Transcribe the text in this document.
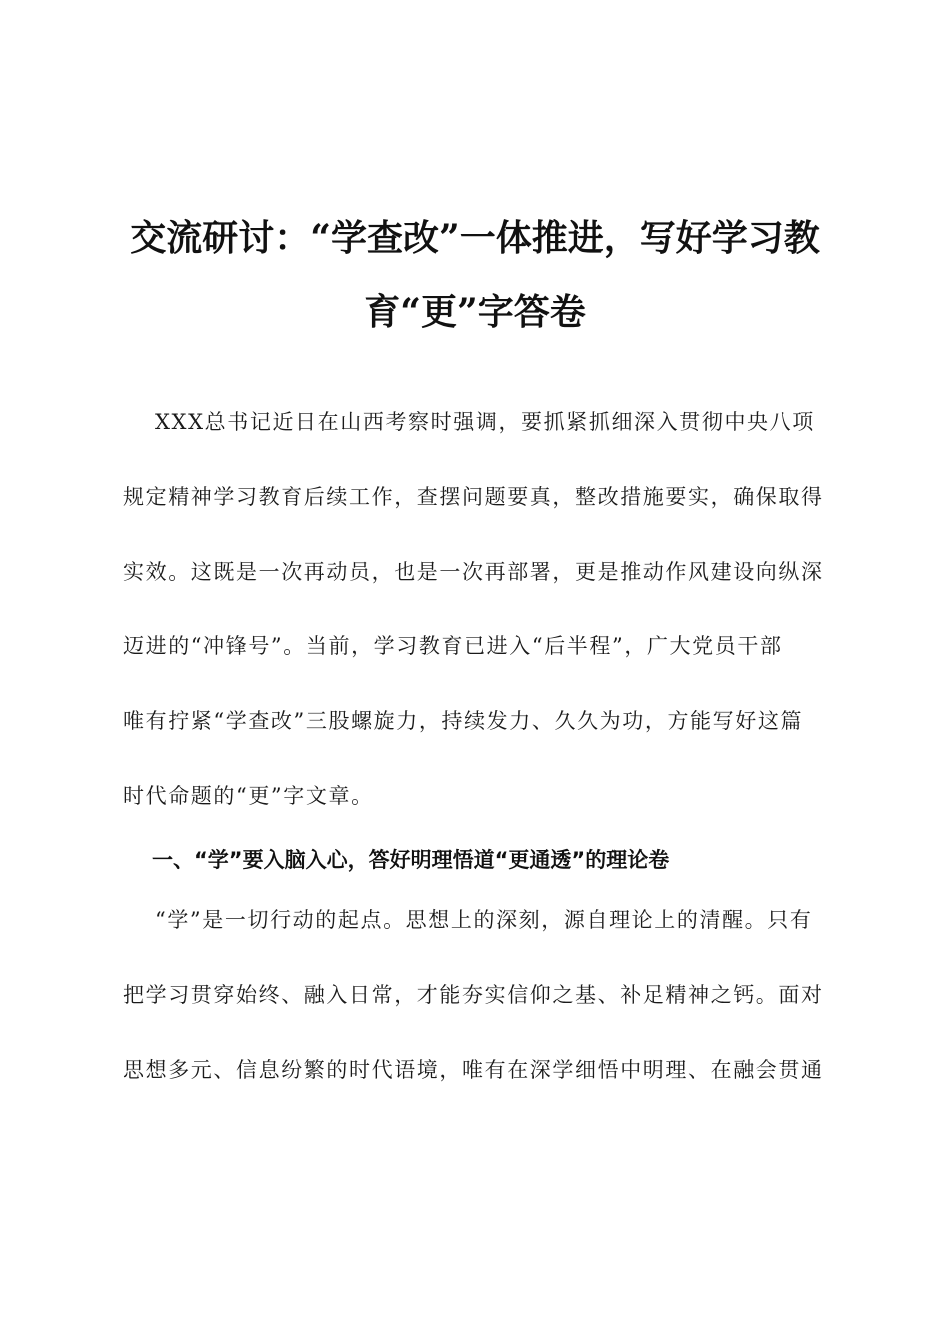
交流研讨：“学查改”一体推进，写好学习教
育“更”字答卷
XXX总书记近日在山西考察时强调，要抓紧抓细深入贯彻中央八项
规定精神学习教育后续工作，查摆问题要真，整改措施要实，确保取得
实效。这既是一次再动员，也是一次再部署，更是推动作风建设向纵深
迈进的“冲锋号”。当前，学习教育已进入“后半程”，广大党员干部
唯有拧紧“学查改”三股螺旋力，持续发力、久久为功，方能写好这篇
时代命题的“更”字文章。
一、“学”要入脑入心，答好明理悟道“更通透”的理论卷
“学”是一切行动的起点。思想上的深刻，源自理论上的清醒。只有
把学习贯穿始终、融入日常，才能夯实信仰之基、补足精神之钙。面对
思想多元、信息纷繁的时代语境，唯有在深学细悟中明理、在融会贯通
